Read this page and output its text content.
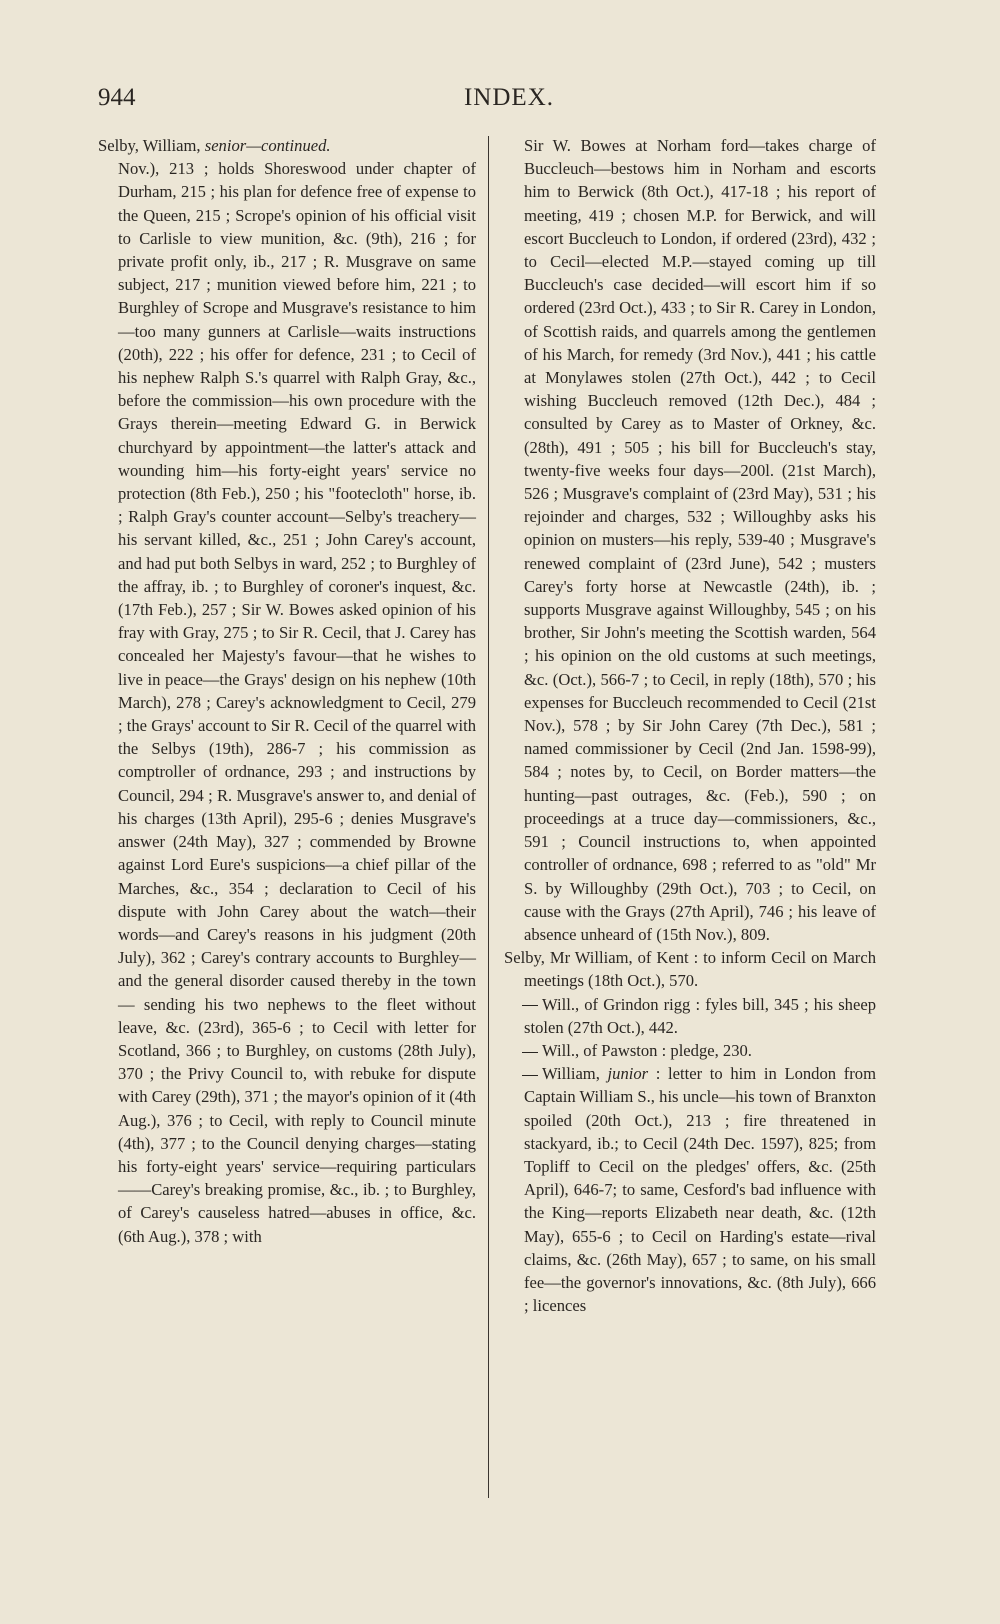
944	INDEX.

Selby, William, senior—continued.

Nov.), 213 ; holds Shoreswood under chapter of Durham, 215 ; his plan for defence free of expense to the Queen, 215 ; Scrope's opinion of his official visit to Carlisle to view munition, &c. (9th), 216 ; for private profit only, ib., 217 ; R. Musgrave on same subject, 217 ; munition viewed before him, 221 ; to Burghley of Scrope and Musgrave's resistance to him—too many gunners at Carlisle—waits instructions (20th), 222 ; his offer for defence, 231 ; to Cecil of his nephew Ralph S.'s quarrel with Ralph Gray, &c., before the commission—his own procedure with the Grays therein—meeting Edward G. in Berwick churchyard by appointment—the latter's attack and wounding him—his forty-eight years' service no protection (8th Feb.), 250 ; his "footecloth" horse, ib. ; Ralph Gray's counter account—Selby's treachery—his servant killed, &c., 251 ; John Carey's account, and had put both Selbys in ward, 252 ; to Burghley of the affray, ib. ; to Burghley of coroner's inquest, &c. (17th Feb.), 257 ; Sir W. Bowes asked opinion of his fray with Gray, 275 ; to Sir R. Cecil, that J. Carey has concealed her Majesty's favour—that he wishes to live in peace—the Grays' design on his nephew (10th March), 278 ; Carey's acknowledgment to Cecil, 279 ; the Grays' account to Sir R. Cecil of the quarrel with the Selbys (19th), 286-7 ; his commission as comptroller of ordnance, 293 ; and instructions by Council, 294 ; R. Musgrave's answer to, and denial of his charges (13th April), 295-6 ; denies Musgrave's answer (24th May), 327 ; commended by Browne against Lord Eure's suspicions—a chief pillar of the Marches, &c., 354 ; declaration to Cecil of his dispute with John Carey about the watch—their words—and Carey's reasons in his judgment (20th July), 362 ; Carey's contrary accounts to Burghley—and the general disorder caused thereby in the town — sending his two nephews to the fleet without leave, &c. (23rd), 365-6 ; to Cecil with letter for Scotland, 366 ; to Burghley, on customs (28th July), 370 ; the Privy Council to, with rebuke for dispute with Carey (29th), 371 ; the mayor's opinion of it (4th Aug.), 376 ; to Cecil, with reply to Council minute (4th), 377 ; to the Council denying charges—stating his forty-eight years' service—requiring particulars——Carey's breaking promise, &c., ib. ; to Burghley, of Carey's causeless hatred—abuses in office, &c. (6th Aug.), 378 ; with

Sir W. Bowes at Norham ford—takes charge of Buccleuch—bestows him in Norham and escorts him to Berwick (8th Oct.), 417-18 ; his report of meeting, 419 ; chosen M.P. for Berwick, and will escort Buccleuch to London, if ordered (23rd), 432 ; to Cecil—elected M.P.—stayed coming up till Buccleuch's case decided—will escort him if so ordered (23rd Oct.), 433 ; to Sir R. Carey in London, of Scottish raids, and quarrels among the gentlemen of his March, for remedy (3rd Nov.), 441 ; his cattle at Monylawes stolen (27th Oct.), 442 ; to Cecil wishing Buccleuch removed (12th Dec.), 484 ; consulted by Carey as to Master of Orkney, &c. (28th), 491 ; 505 ; his bill for Buccleuch's stay, twenty-five weeks four days—200l. (21st March), 526 ; Musgrave's complaint of (23rd May), 531 ; his rejoinder and charges, 532 ; Willoughby asks his opinion on musters—his reply, 539-40 ; Musgrave's renewed complaint of (23rd June), 542 ; musters Carey's forty horse at Newcastle (24th), ib. ; supports Musgrave against Willoughby, 545 ; on his brother, Sir John's meeting the Scottish warden, 564 ; his opinion on the old customs at such meetings, &c. (Oct.), 566-7 ; to Cecil, in reply (18th), 570 ; his expenses for Buccleuch recommended to Cecil (21st Nov.), 578 ; by Sir John Carey (7th Dec.), 581 ; named commissioner by Cecil (2nd Jan. 1598-99), 584 ; notes by, to Cecil, on Border matters—the hunting—past outrages, &c. (Feb.), 590 ; on proceedings at a truce day—commissioners, &c., 591 ; Council instructions to, when appointed controller of ordnance, 698 ; referred to as "old" Mr S. by Willoughby (29th Oct.), 703 ; to Cecil, on cause with the Grays (27th April), 746 ; his leave of absence unheard of (15th Nov.), 809.

Selby, Mr William, of Kent : to inform Cecil on March meetings (18th Oct.), 570.

Will., of Grindon rigg : fyles bill, 345 ; his sheep stolen (27th Oct.), 442.

Will., of Pawston : pledge, 230.

William, junior : letter to him in London from Captain William S., his uncle—his town of Branxton spoiled (20th Oct.), 213 ; fire threatened in stackyard, ib.; to Cecil (24th Dec. 1597), 825; from Topliff to Cecil on the pledges' offers, &c. (25th April), 646-7; to same, Cesford's bad influence with the King—reports Elizabeth near death, &c. (12th May), 655-6 ; to Cecil on Harding's estate—rival claims, &c. (26th May), 657 ; to same, on his small fee—the governor's innovations, &c. (8th July), 666 ; licences
